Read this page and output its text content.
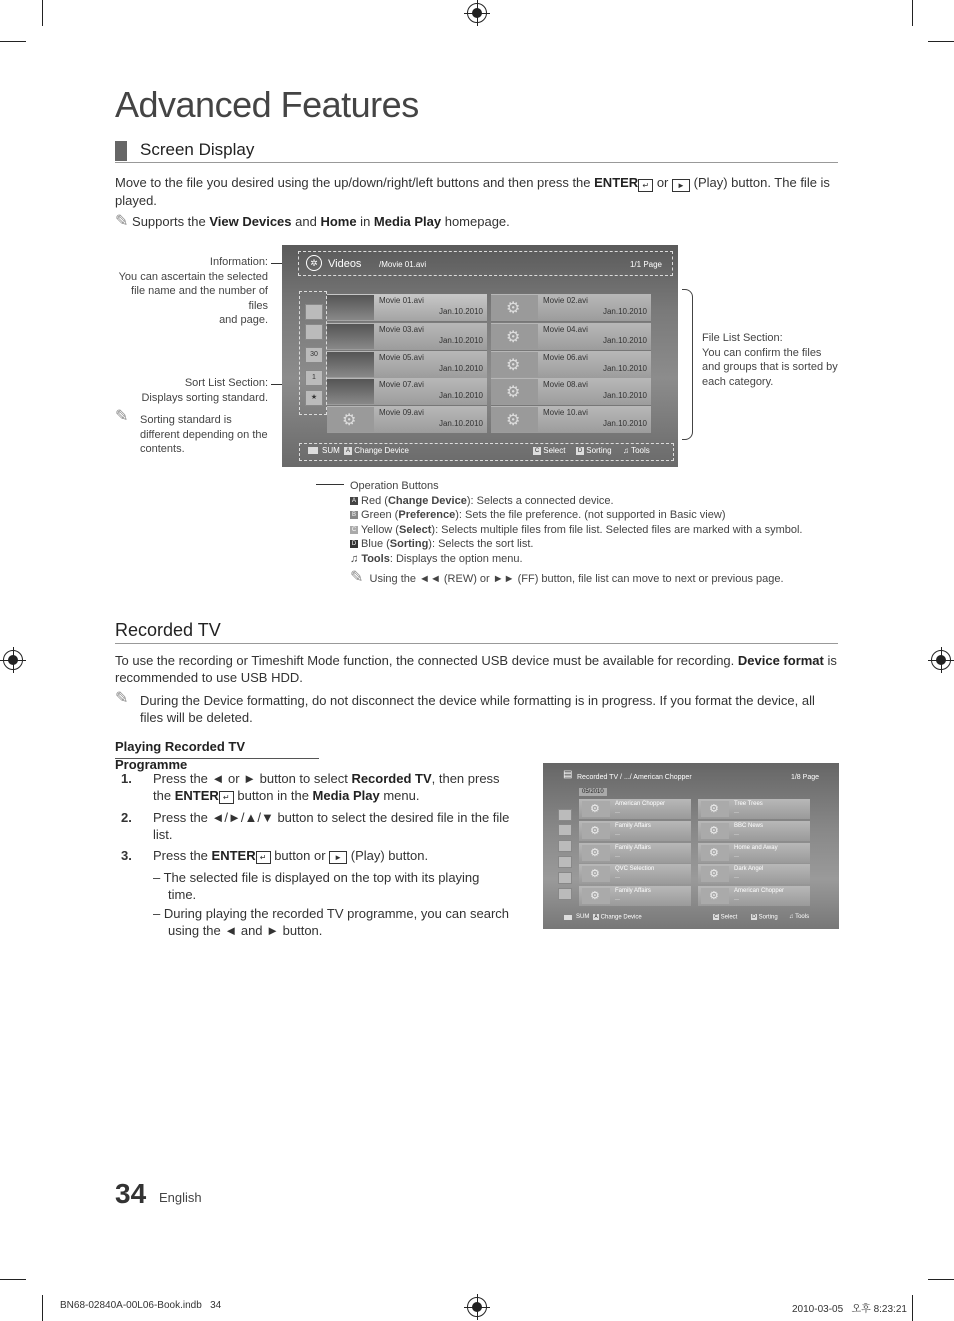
Advanced Features
Screen Display
Move to the file you desired using the up/down/right/left buttons and then press the ENTER ↵ or ► (Play) button. The file is
played.
✎ Supports the View Devices and Home in Media Play homepage.
Information:
You can ascertain the selected
file name and the number of files
and page.
Sort List Section:
Displays sorting standard.
✎ Sorting standard is
different depending on the
contents.
✲ Videos /Movie 01.avi	1/1 Page
30
1
★
Movie 01.avi
Jan.10.2010
⚙
Movie 02.avi
Jan.10.2010
Movie 03.avi
Jan.10.2010
⚙
Movie 04.avi
Jan.10.2010
Movie 05.avi
Jan.10.2010
⚙
Movie 06.avi
Jan.10.2010
Movie 07.avi
Jan.10.2010
⚙
Movie 08.avi
Jan.10.2010
⚙
Movie 09.avi
Jan.10.2010
⚙
Movie 10.avi
Jan.10.2010
SUM	A Change Device	C Select	D Sorting ♫ Tools
File List Section:
You can confirm the files
and groups that is sorted by
each category.
Operation Buttons
A Red (Change Device): Selects a connected device.
B Green (Preference): Sets the file preference. (not supported in Basic view)
C Yellow (Select): Selects multiple files from file list. Selected files are marked with a symbol.
D Blue (Sorting): Selects the sort list.
♫ Tools: Displays the option menu.
✎ Using the ◄◄ (REW) or ►► (FF) button, file list can move to next or previous page.
Recorded TV
To use the recording or Timeshift Mode function, the connected USB device must be available for recording. Device format is
recommended to use USB HDD.
✎ During the Device formatting, do not disconnect the device while formatting is in progress. If you format the device, all
files will be deleted.
Playing Recorded TV Programme
1. Press the ◄ or ► button to select Recorded TV, then press
the ENTER ↵ button in the Media Play menu.
2. Press the ◄/►/▲/▼ button to select the desired file in the file
list.
3. Press the ENTER ↵ button or ► (Play) button.
– The selected file is displayed on the top with its playing
time.
– During playing the recorded TV programme, you can search
using the ◄ and ► button.
▤ Recorded TV / .../ American Chopper	1/8 Page
05/2010
⚙
American Chopper
—
⚙
Family Affairs
—
⚙
Family Affairs
—
⚙
QVC Selection
—
⚙
Family Affairs
—
⚙
Tree Trees
—
⚙
BBC News
—
⚙
Home and Away
—
⚙
Dark Angel
—
⚙
American Chopper
—
SUM A Change Device	C Select	D Sorting ♫ Tools
34 English
BN68-02840A-00L06-Book.indb   34	2010-03-05   오후 8:23:21
